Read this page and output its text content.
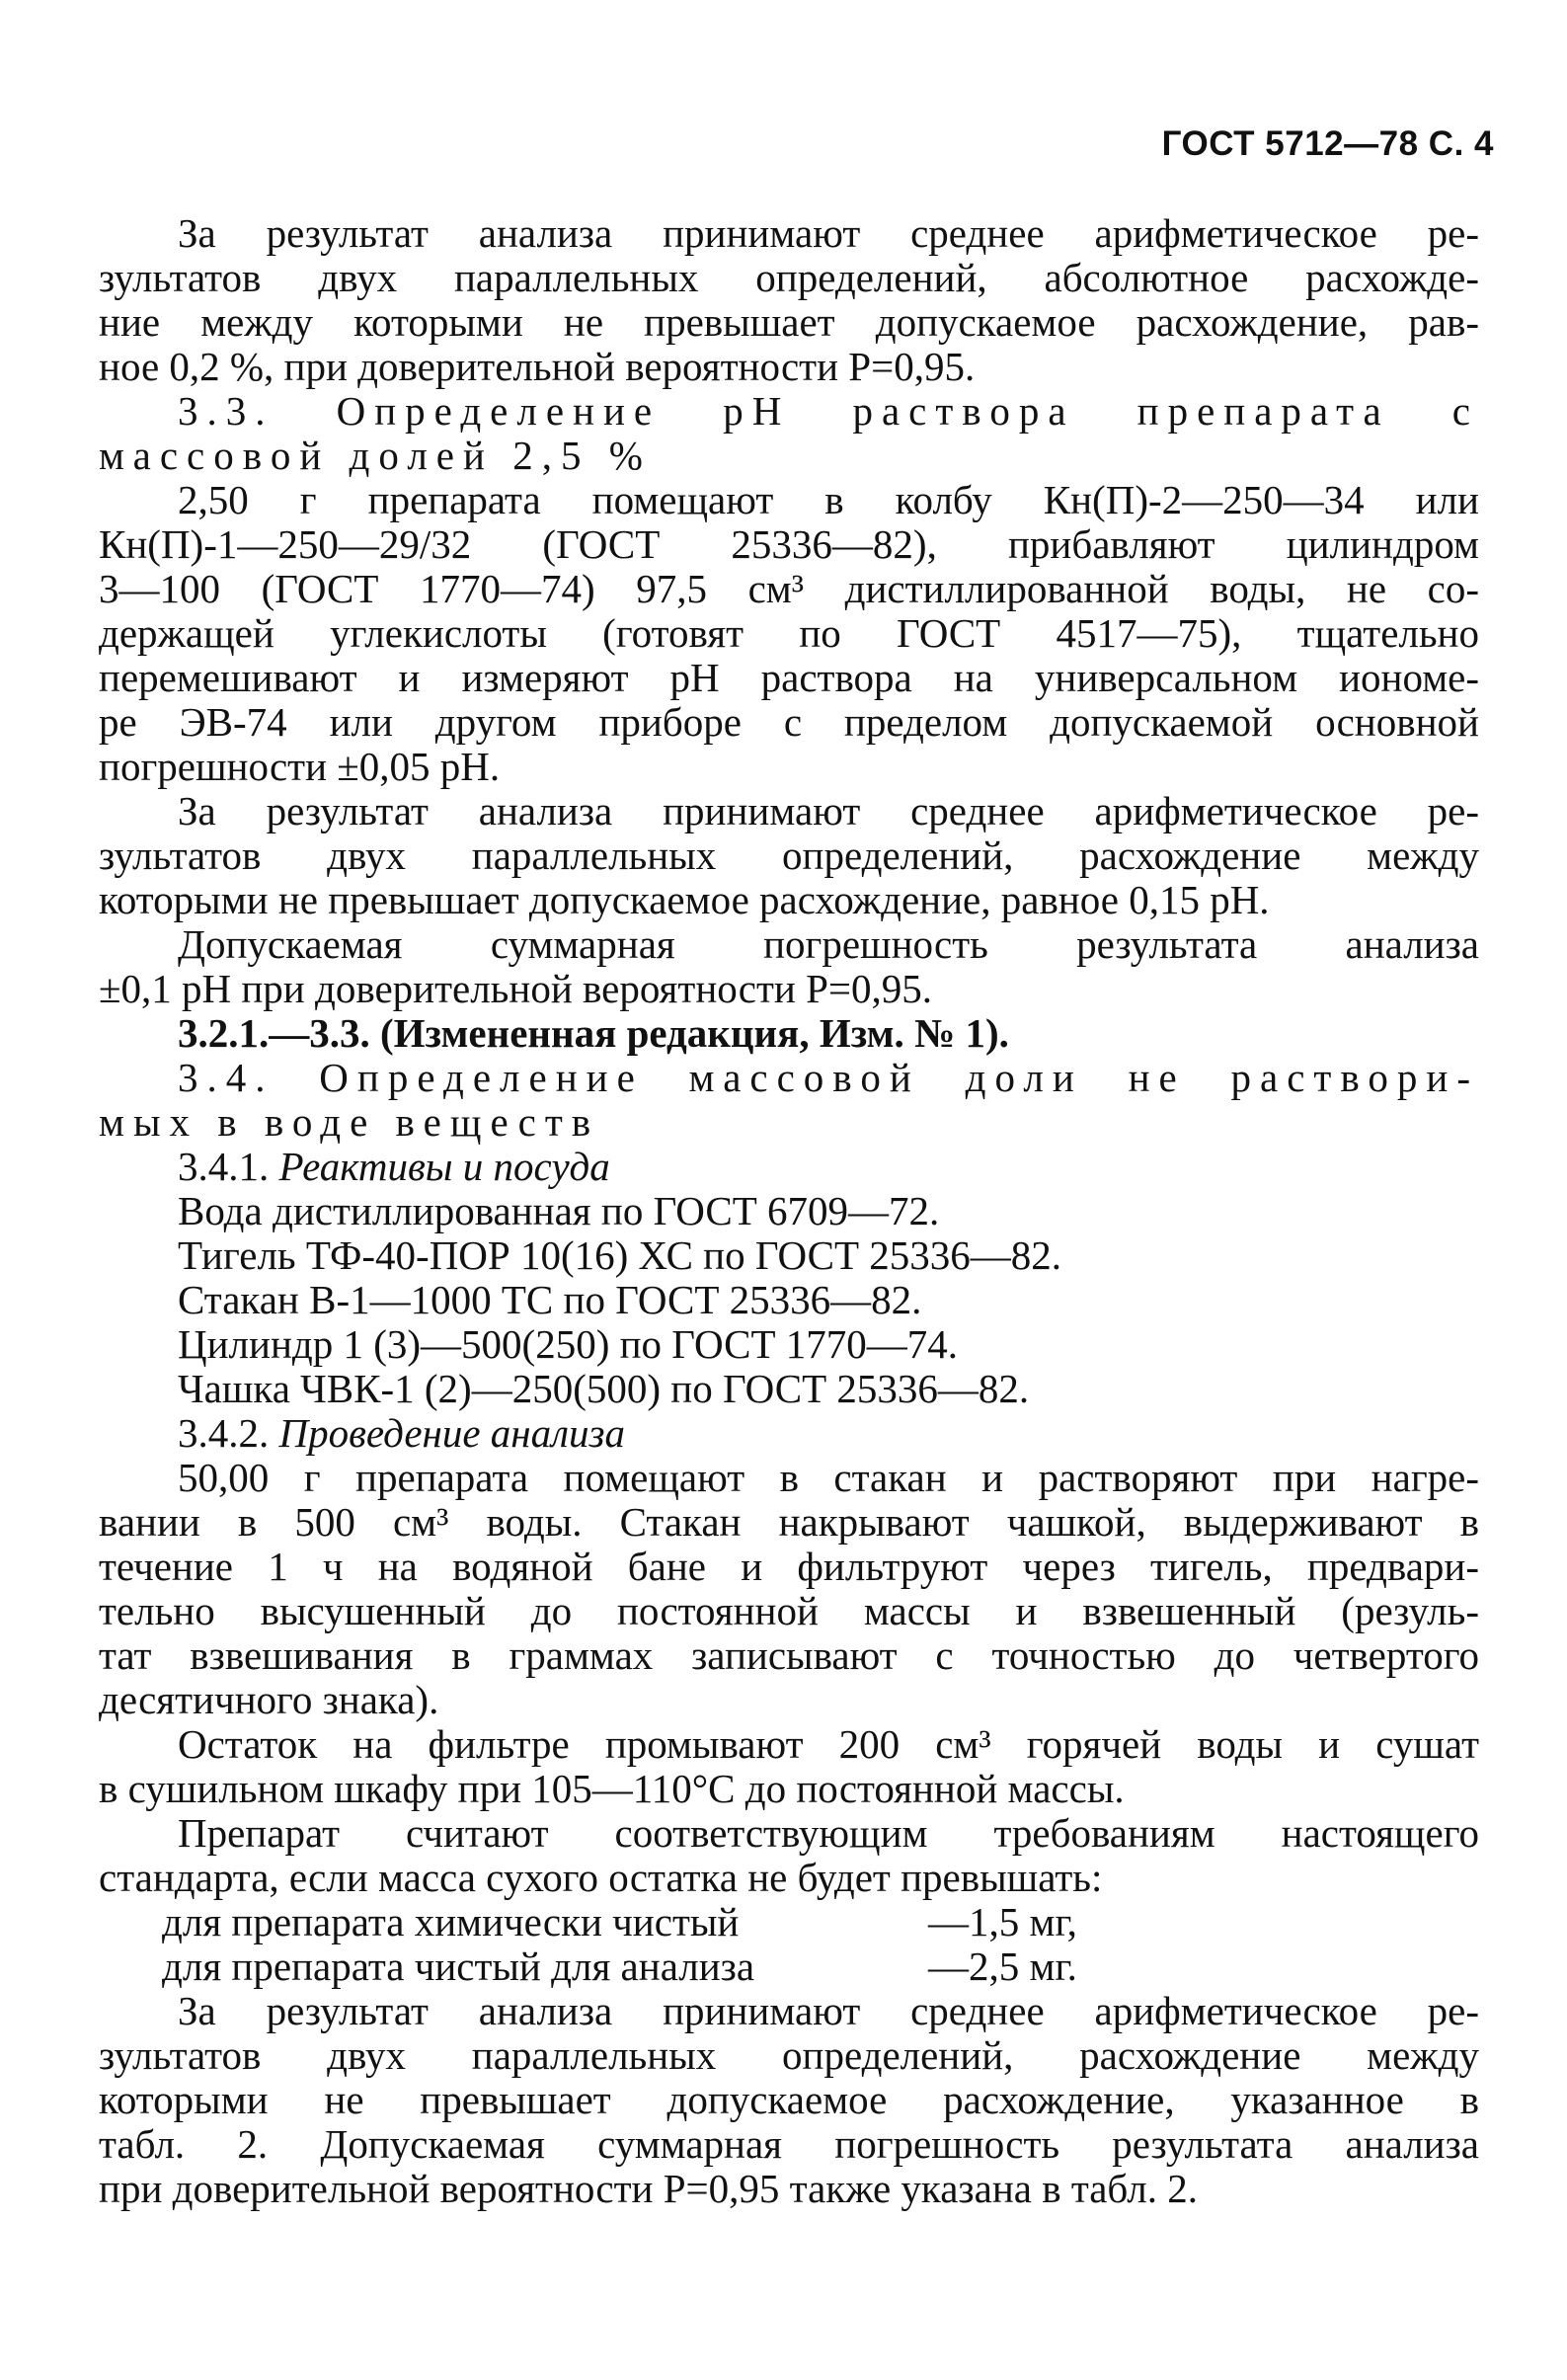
ГОСТ 5712—78 С. 4
За результат анализа принимают среднее арифметическое ре-
зультатов двух параллельных определений, абсолютное расхожде-
ние между которыми не превышает допускаемое расхождение, рав-
ное 0,2 %, при доверительной вероятности P=0,95.
3.3. Определение pH раствора препарата с
массовой долей 2,5 %
2,50 г препарата помещают в колбу Кн(П)-2—250—34 или
Кн(П)-1—250—29/32 (ГОСТ 25336—82), прибавляют цилиндром
3—100 (ГОСТ 1770—74) 97,5 см³ дистиллированной воды, не со-
держащей углекислоты (готовят по ГОСТ 4517—75), тщательно
перемешивают и измеряют pH раствора на универсальном иономе-
ре ЭВ-74 или другом приборе с пределом допускаемой основной
погрешности ±0,05 pH.
За результат анализа принимают среднее арифметическое ре-
зультатов двух параллельных определений, расхождение между
которыми не превышает допускаемое расхождение, равное 0,15 pH.
Допускаемая суммарная погрешность результата анализа
±0,1 pH при доверительной вероятности P=0,95.
3.2.1.—3.3. (Измененная редакция, Изм. № 1).
3.4. Определение массовой доли не раствори-
мых в воде веществ
3.4.1. Реактивы и посуда
Вода дистиллированная по ГОСТ 6709—72.
Тигель ТФ-40-ПОР 10(16) ХС по ГОСТ 25336—82.
Стакан В-1—1000 ТС по ГОСТ 25336—82.
Цилиндр 1 (3)—500(250) по ГОСТ 1770—74.
Чашка ЧВК-1 (2)—250(500) по ГОСТ 25336—82.
3.4.2. Проведение анализа
50,00 г препарата помещают в стакан и растворяют при нагре-
вании в 500 см³ воды. Стакан накрывают чашкой, выдерживают в
течение 1 ч на водяной бане и фильтруют через тигель, предвари-
тельно высушенный до постоянной массы и взвешенный (резуль-
тат взвешивания в граммах записывают с точностью до четвертого
десятичного знака).
Остаток на фильтре промывают 200 см³ горячей воды и сушат
в сушильном шкафу при 105—110°С до постоянной массы.
Препарат считают соответствующим требованиям настоящего
стандарта, если масса сухого остатка не будет превышать:
для препарата химически чистый	—1,5 мг,
для препарата чистый для анализа	—2,5 мг.
За результат анализа принимают среднее арифметическое ре-
зультатов двух параллельных определений, расхождение между
которыми не превышает допускаемое расхождение, указанное в
табл. 2. Допускаемая суммарная погрешность результата анализа
при доверительной вероятности P=0,95 также указана в табл. 2.
